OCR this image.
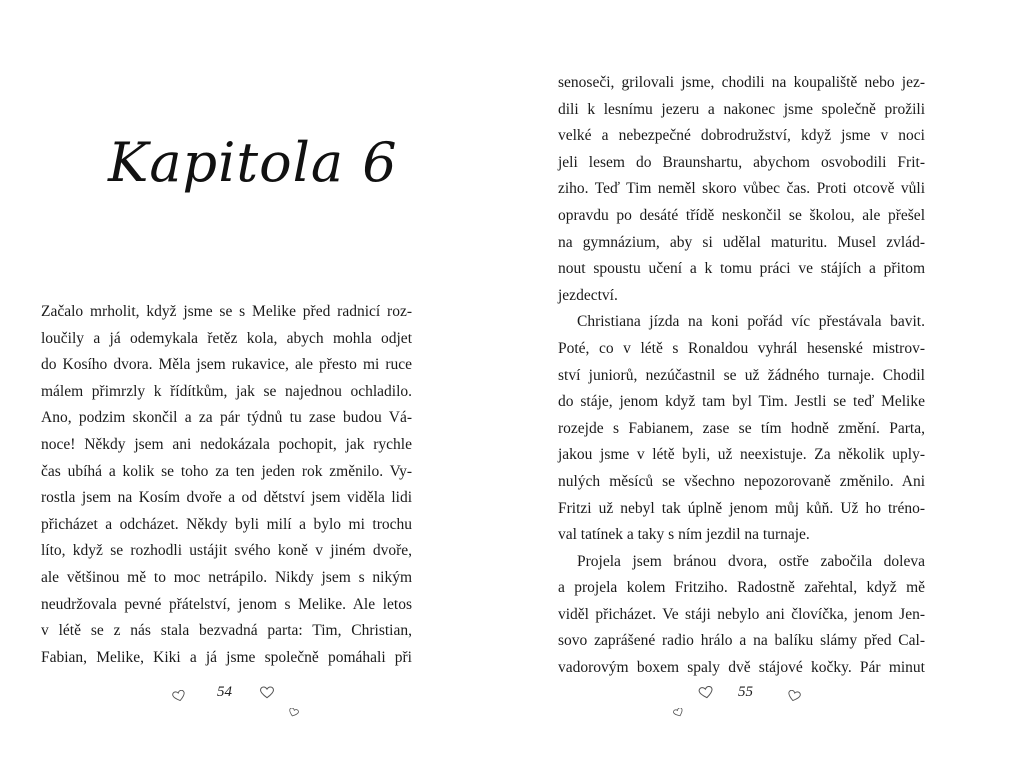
Kapitola 6
Začalo mrholit, když jsme se s Melike před radnicí roz-
loučily a já odemykala řetěz kola, abych mohla odjet
do Kosího dvora. Měla jsem rukavice, ale přesto mi ruce
málem přimrzly k řídítkům, jak se najednou ochladilo.
Ano, podzim skončil a za pár týdnů tu zase budou Vá-
noce! Někdy jsem ani nedokázala pochopit, jak rychle
čas ubíhá a kolik se toho za ten jeden rok změnilo. Vy-
rostla jsem na Kosím dvoře a od dětství jsem viděla lidi
přicházet a odcházet. Někdy byli milí a bylo mi trochu
líto, když se rozhodli ustájit svého koně v jiném dvoře,
ale většinou mě to moc netrápilo. Nikdy jsem s nikým
neudržovala pevné přátelství, jenom s Melike. Ale letos
v létě se z nás stala bezvadná parta: Tim, Christian,
Fabian, Melike, Kiki a já jsme společně pomáhali při
54
senoseči, grilovali jsme, chodili na koupaliště nebo jez-
dili k lesnímu jezeru a nakonec jsme společně prožili
velké a nebezpečné dobrodružství, když jsme v noci
jeli lesem do Braunshartu, abychom osvobodili Frit-
ziho. Teď Tim neměl skoro vůbec čas. Proti otcově vůli
opravdu po desáté třídě neskončil se školou, ale přešel
na gymnázium, aby si udělal maturitu. Musel zvlád-
nout spoustu učení a k tomu práci ve stájích a přitom
jezdectví.
Christiana jízda na koni pořád víc přestávala bavit.
Poté, co v létě s Ronaldou vyhrál hesenské mistrov-
ství juniorů, nezúčastnil se už žádného turnaje. Chodil
do stáje, jenom když tam byl Tim. Jestli se teď Melike
rozejde s Fabianem, zase se tím hodně změní. Parta,
jakou jsme v létě byli, už neexistuje. Za několik uply-
nulých měsíců se všechno nepozorovaně změnilo. Ani
Fritzi už nebyl tak úplně jenom můj kůň. Už ho tréno-
val tatínek a taky s ním jezdil na turnaje.
Projela jsem bránou dvora, ostře zabočila doleva
a projela kolem Fritziho. Radostně zařehtal, když mě
viděl přicházet. Ve stáji nebylo ani človíčka, jenom Jen-
sovo zaprášené radio hrálo a na balíku slámy před Cal-
vadorovým boxem spaly dvě stájové kočky. Pár minut
55
